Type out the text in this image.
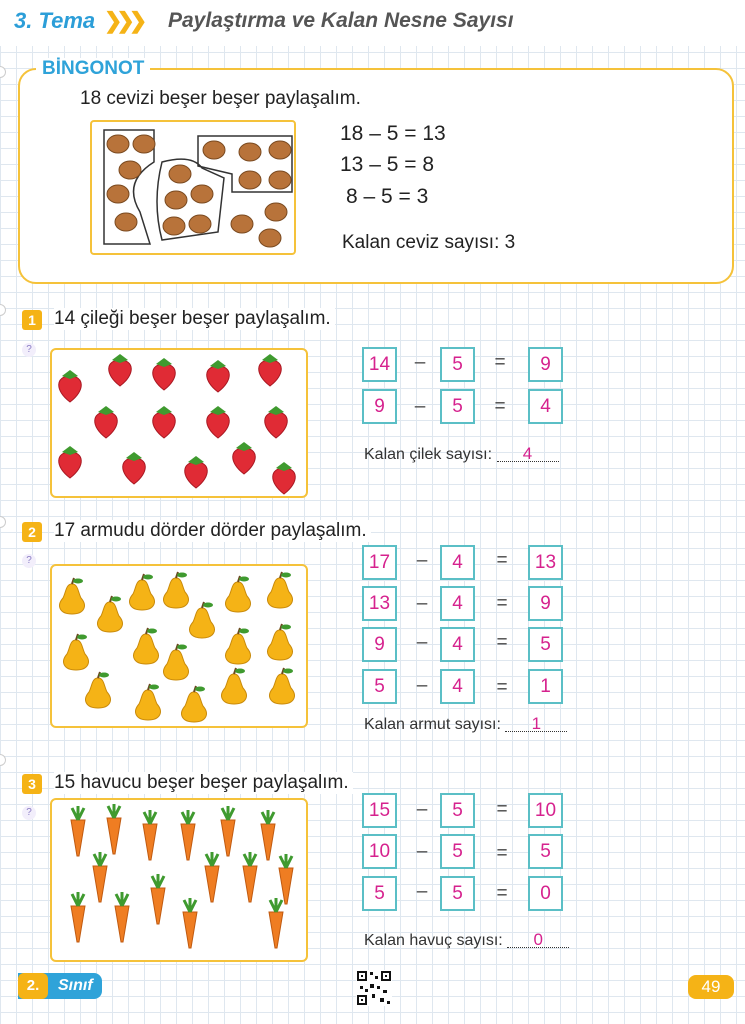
3. Tema ❯❯❯ Paylaştırma ve Kalan Nesne Sayısı
BİNGONOT
18 cevizi beşer beşer paylaşalım.
18 – 5 = 13
13 – 5 = 8
8 – 5 = 3
Kalan ceviz sayısı: 3
1 14 çileği beşer beşer paylaşalım.
?
14	–	5	=	9
9	–	5	=	4
Kalan çilek sayısı: 4
2 17 armudu dörder dörder paylaşalım.
?	17	–	4	=	13
13	–	4	=	9
9	–	4	=	5
5	–	4	=	1
Kalan armut sayısı: 1
3 15 havucu beşer beşer paylaşalım.
?	15	–	5	=	10
10	–	5	=	5
5	–	5	=	0
Kalan havuç sayısı: 0
Sınıf
2.	49
